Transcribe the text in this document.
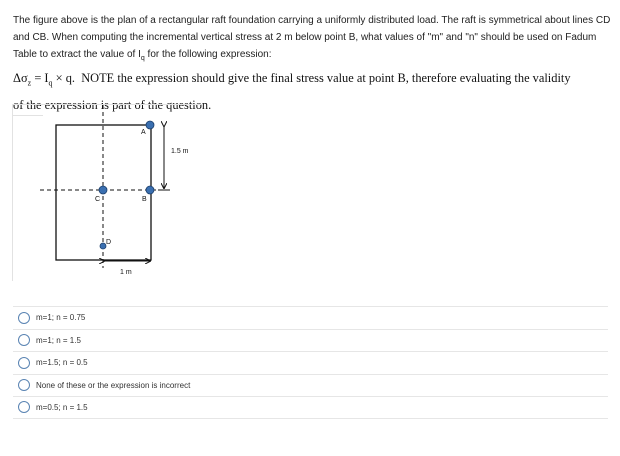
The figure above is the plan of a rectangular raft foundation carrying a uniformly distributed load. The raft is symmetrical about lines CD and CB. When computing the incremental vertical stress at 2 m below point B, what values of "m" and "n" should be used on Fadum Table to extract the value of $I_q$ for the following expression:

$\Delta\sigma_z = I_q \times q$. NOTE the expression should give the final stress value at point B, therefore evaluating the validity

of the expression is part of the question.

A
B
C
D
1.5 m
1 m
m=1; n = 0.75
m=1; n = 1.5
m=1.5; n = 0.5
None of these or the expression is incorrect
m=0.5; n = 1.5
